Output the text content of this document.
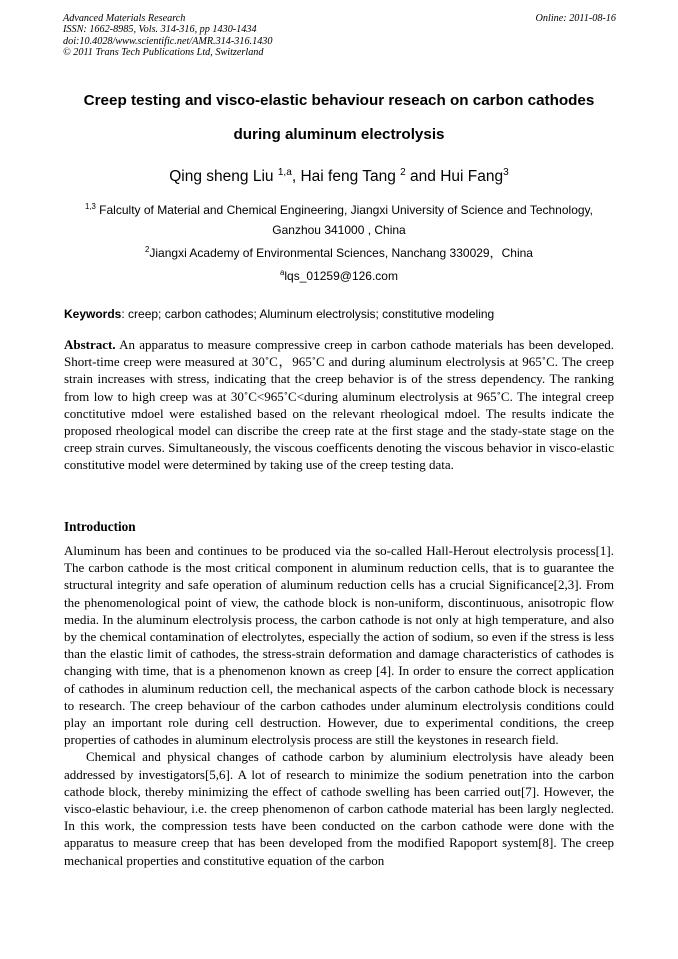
Advanced Materials Research
ISSN: 1662-8985, Vols. 314-316, pp 1430-1434
doi:10.4028/www.scientific.net/AMR.314-316.1430
© 2011 Trans Tech Publications Ltd, Switzerland
Online: 2011-08-16
Creep testing and visco-elastic behaviour reseach on carbon cathodes
during aluminum electrolysis
Qing sheng Liu $^{1,a}$, Hai feng Tang $^2$ and Hui Fang$^3$
$^{1,3}$ Falculty of Material and Chemical Engineering, Jiangxi University of Science and Technology,
Ganzhou 341000 , China
$^2$Jiangxi Academy of Environmental Sciences, Nanchang 330029，China
$^a$lqs_01259@126.com
Keywords: creep; carbon cathodes; Aluminum electrolysis; constitutive modeling
Abstract. An apparatus to measure compressive creep in carbon cathode materials has been developed. Short-time creep were measured at 30˚C，965˚C and during aluminum electrolysis at 965˚C. The creep strain increases with stress, indicating that the creep behavior is of the stress dependency. The ranking from low to high creep was at 30˚C<965˚C<during aluminum electrolysis at 965˚C. The integral creep conctitutive mdoel were estalished based on the relevant rheological mdoel. The results indicate the proposed rheological model can discribe the creep rate at the first stage and the stady-state stage on the creep strain curves. Simultaneously, the viscous coefficents denoting the viscous behavior in visco-elastic constitutive model were determined by taking use of the creep testing data.
Introduction

Aluminum has been and continues to be produced via the so-called Hall-Herout electrolysis process[1]. The carbon cathode is the most critical component in aluminum reduction cells, that is to guarantee the structural integrity and safe operation of aluminum reduction cells has a crucial Significance[2,3]. From the phenomenological point of view, the cathode block is non-uniform, discontinuous, anisotropic flow media. In the aluminum electrolysis process, the carbon cathode is not only at high temperature, and also by the chemical contamination of electrolytes, especially the action of sodium, so even if the stress is less than the elastic limit of cathodes, the stress-strain deformation and damage characteristics of cathodes is changing with time, that is a phenomenon known as creep [4]. In order to ensure the correct application of cathodes in aluminum reduction cell, the mechanical aspects of the carbon cathode block is necessary to research. The creep behaviour of the carbon cathodes under aluminum electrolysis conditions could play an important role during cell destruction. However, due to experimental conditions, the creep properties of cathodes in aluminum electrolysis process are still the keystones in research field.

Chemical and physical changes of cathode carbon by aluminium electrolysis have aleady been addressed by investigators[5,6]. A lot of research to minimize the sodium penetration into the carbon cathode block, thereby minimizing the effect of cathode swelling has been carried out[7]. However, the visco-elastic behaviour, i.e. the creep phenomenon of carbon cathode material has been largly neglected. In this work, the compression tests have been conducted on the carbon cathode were done with the apparatus to measure creep that has been developed from the modified Rapoport system[8]. The creep mechanical properties and constitutive equation of the carbon
